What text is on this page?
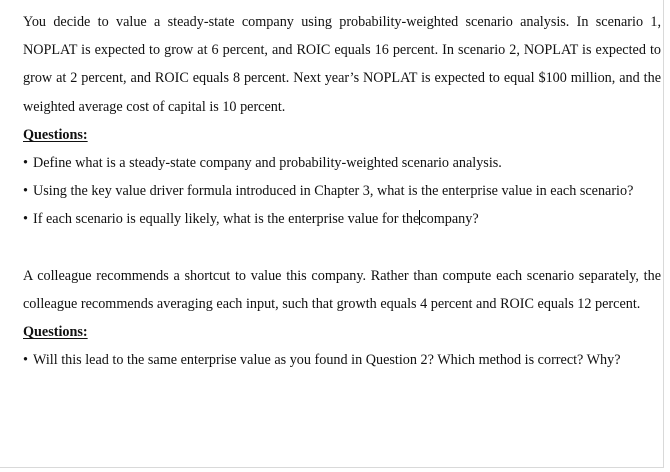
You decide to value a steady-state company using probability-weighted scenario analysis. In scenario 1, NOPLAT is expected to grow at 6 percent, and ROIC equals 16 percent. In scenario 2, NOPLAT is expected to grow at 2 percent, and ROIC equals 8 percent. Next year’s NOPLAT is expected to equal $100 million, and the weighted average cost of capital is 10 percent.

Questions:

• Define what is a steady-state company and probability-weighted scenario analysis.

• Using the key value driver formula introduced in Chapter 3, what is the enterprise value in each scenario?

• If each scenario is equally likely, what is the enterprise value for thecompany?

A colleague recommends a shortcut to value this company. Rather than compute each scenario separately, the colleague recommends averaging each input, such that growth equals 4 percent and ROIC equals 12 percent.

Questions:

• Will this lead to the same enterprise value as you found in Question 2? Which method is correct? Why?
